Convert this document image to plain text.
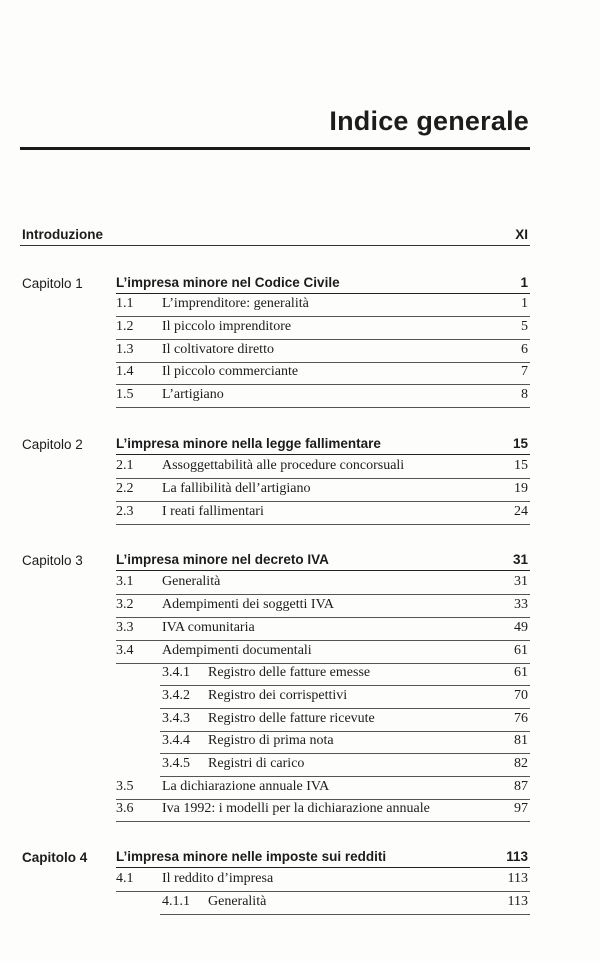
Indice generale
Introduzione	XI
Capitolo 1 L’impresa minore nel Codice Civile	1
1.1 L’imprenditore: generalità	1
1.2 Il piccolo imprenditore	5
1.3 Il coltivatore diretto	6
1.4 Il piccolo commerciante	7
1.5 L’artigiano	8
Capitolo 2 L’impresa minore nella legge fallimentare	15
2.1 Assoggettabilità alle procedure concorsuali	15
2.2 La fallibilità dell’artigiano	19
2.3 I reati fallimentari	24
Capitolo 3 L’impresa minore nel decreto IVA	31
3.1 Generalità	31
3.2 Adempimenti dei soggetti IVA	33
3.3 IVA comunitaria	49
3.4 Adempimenti documentali	61
3.4.1 Registro delle fatture emesse	61
3.4.2 Registro dei corrispettivi	70
3.4.3 Registro delle fatture ricevute	76
3.4.4 Registro di prima nota	81
3.4.5 Registri di carico	82
3.5 La dichiarazione annuale IVA	87
3.6 Iva 1992: i modelli per la dichiarazione annuale	97
Capitolo 4 L’impresa minore nelle imposte sui redditi	113
4.1 Il reddito d’impresa	113
4.1.1 Generalità	113
